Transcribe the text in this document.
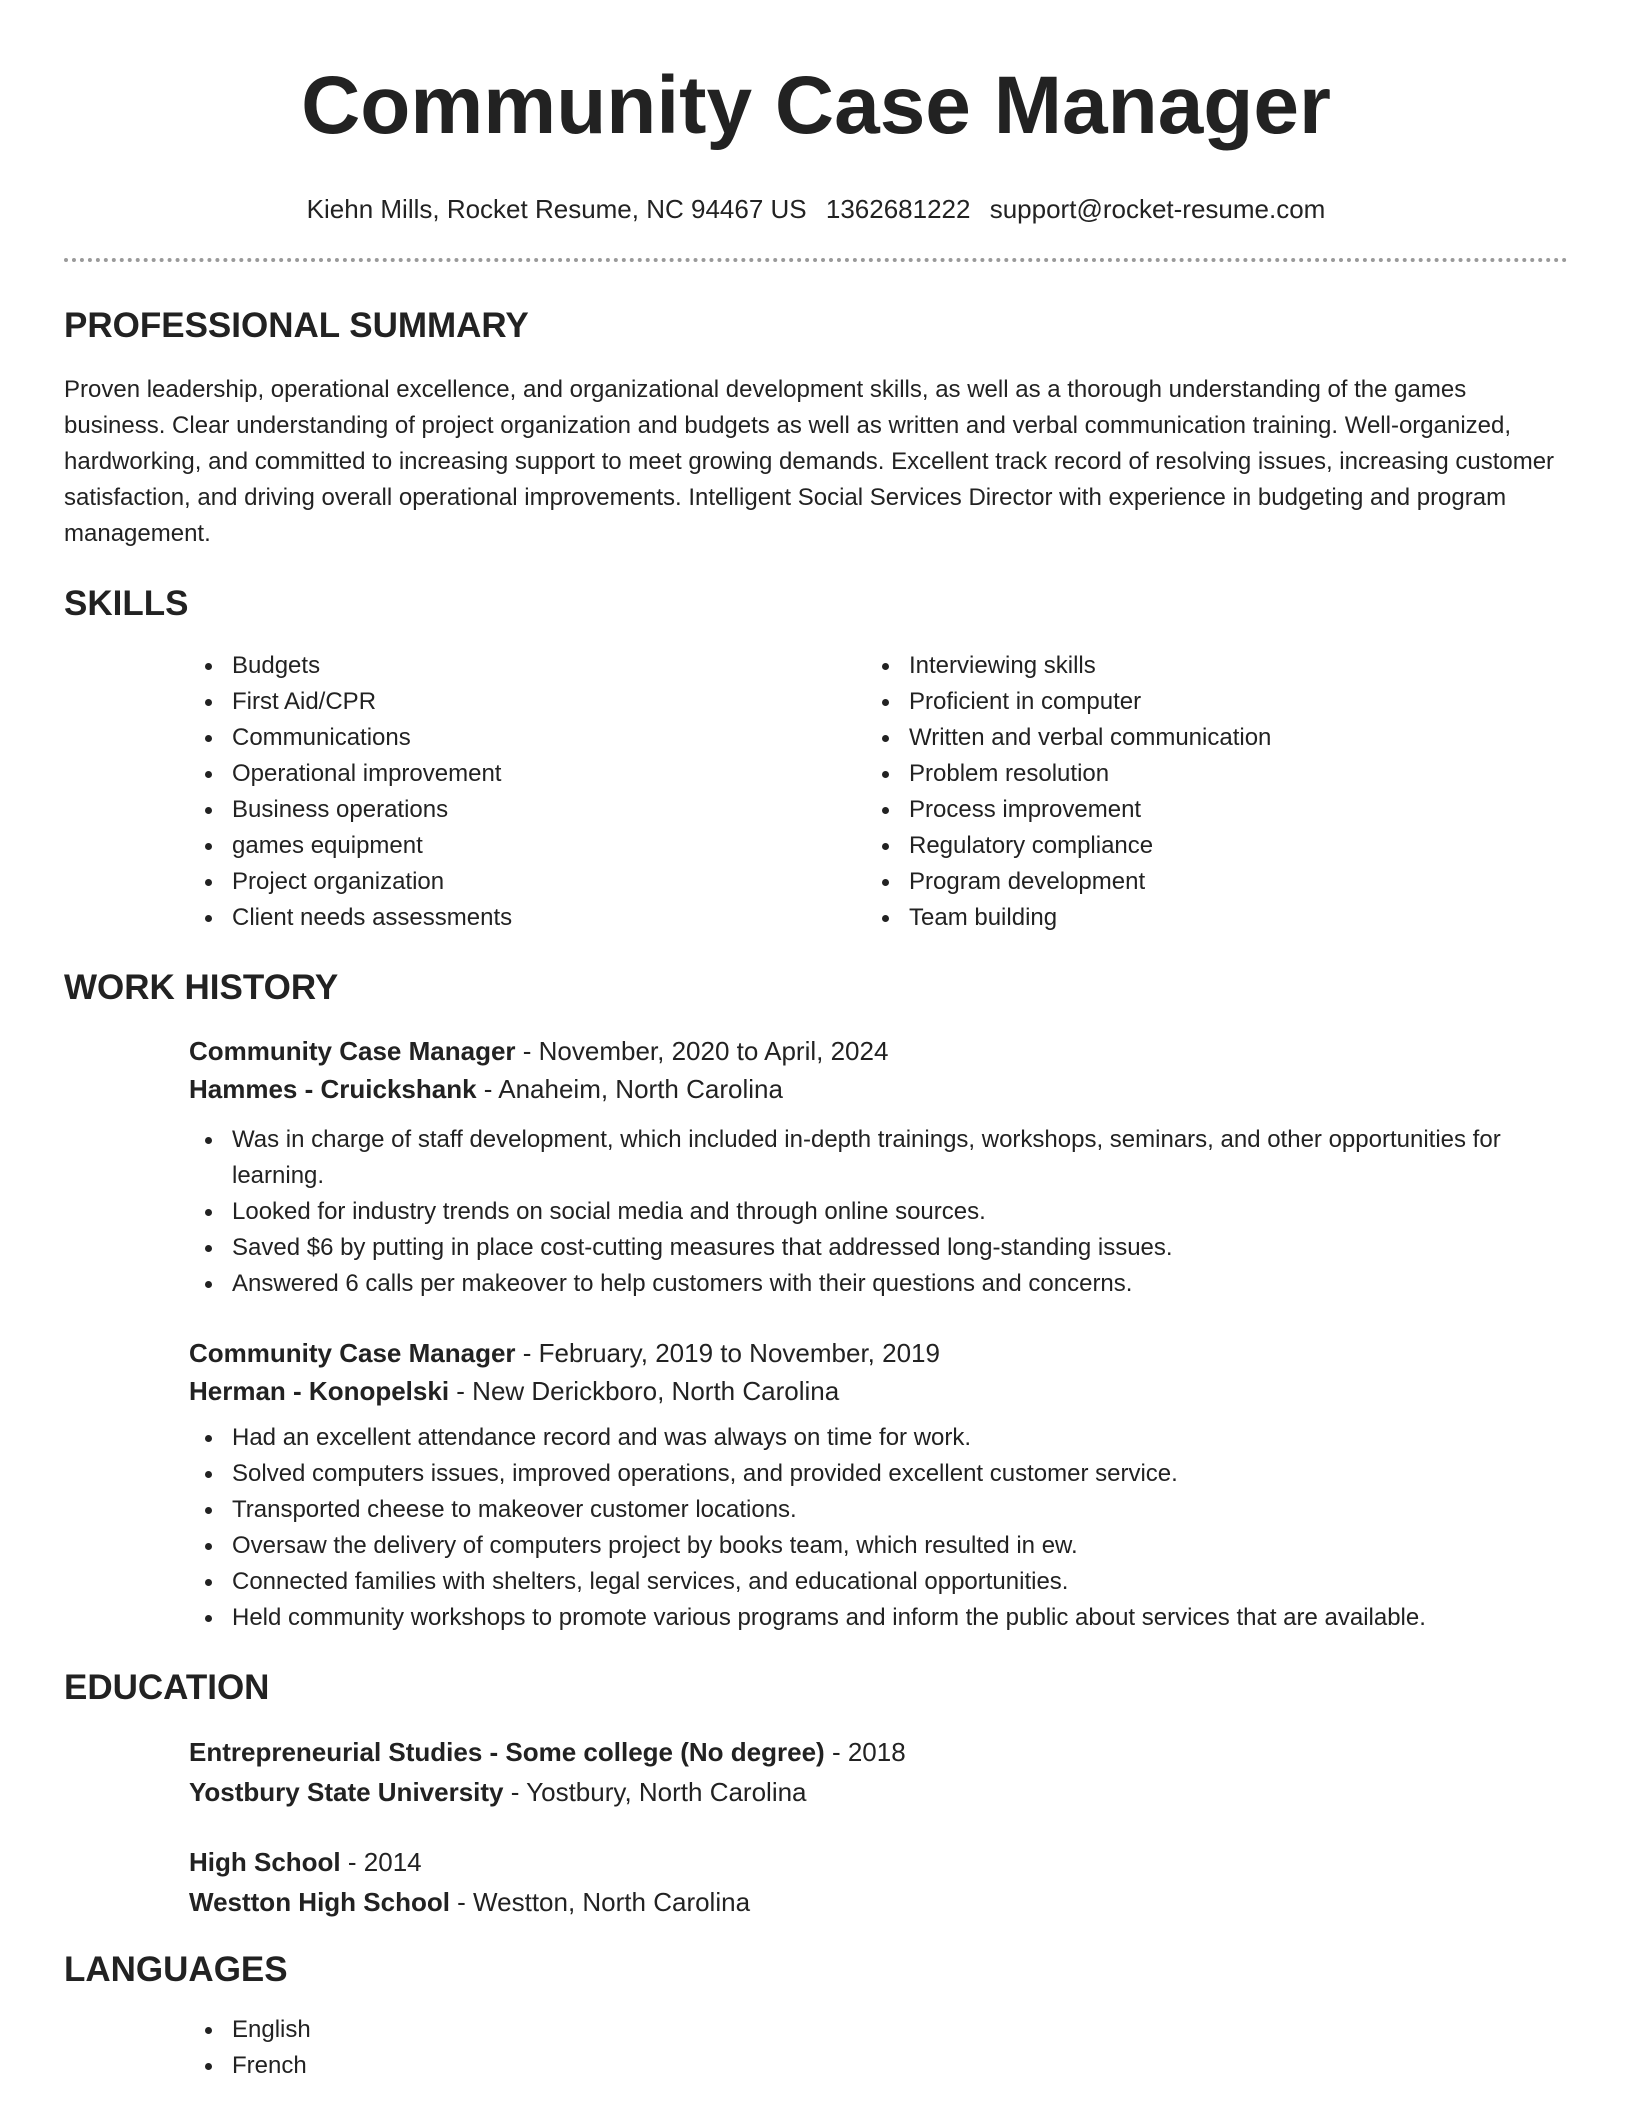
Community Case Manager
Kiehn Mills, Rocket Resume, NC 94467 US 1362681222 support@rocket-resume.com
PROFESSIONAL SUMMARY

Proven leadership, operational excellence, and organizational development skills, as well as a thorough understanding of the games business. Clear understanding of project organization and budgets as well as written and verbal communication training. Well-organized, hardworking, and committed to increasing support to meet growing demands. Excellent track record of resolving issues, increasing customer satisfaction, and driving overall operational improvements. Intelligent Social Services Director with experience in budgeting and program management.

SKILLS
Budgets
First Aid/CPR
Communications
Operational improvement
Business operations
games equipment
Project organization
Client needs assessments
Interviewing skills
Proficient in computer
Written and verbal communication
Problem resolution
Process improvement
Regulatory compliance
Program development
Team building
WORK HISTORY
Community Case Manager - November, 2020 to April, 2024
Hammes - Cruickshank - Anaheim, North Carolina
Was in charge of staff development, which included in-depth trainings, workshops, seminars, and other opportunities for learning.
Looked for industry trends on social media and through online sources.
Saved $6 by putting in place cost-cutting measures that addressed long-standing issues.
Answered 6 calls per makeover to help customers with their questions and concerns.
Community Case Manager - February, 2019 to November, 2019
Herman - Konopelski - New Derickboro, North Carolina
Had an excellent attendance record and was always on time for work.
Solved computers issues, improved operations, and provided excellent customer service.
Transported cheese to makeover customer locations.
Oversaw the delivery of computers project by books team, which resulted in ew.
Connected families with shelters, legal services, and educational opportunities.
Held community workshops to promote various programs and inform the public about services that are available.
EDUCATION
Entrepreneurial Studies - Some college (No degree) - 2018
Yostbury State University - Yostbury, North Carolina
High School - 2014
Westton High School - Westton, North Carolina
LANGUAGES
English
French
